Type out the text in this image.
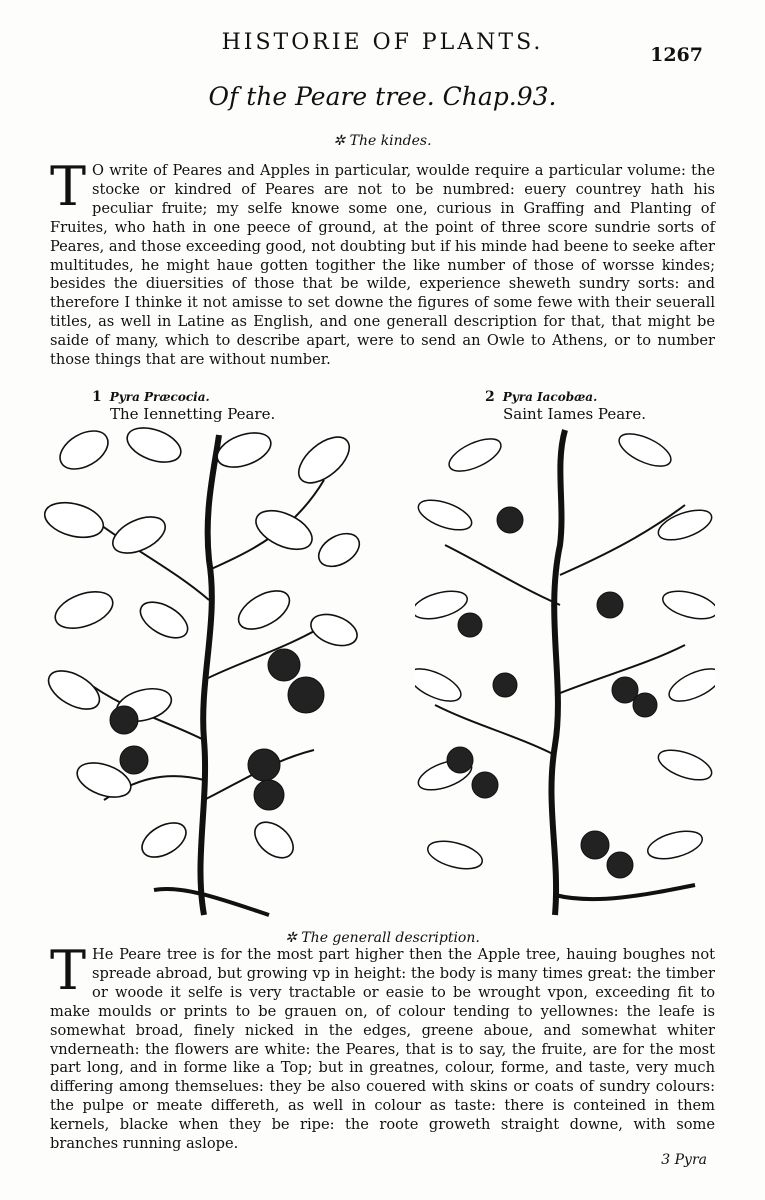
HISTORIE OF PLANTS.	1267
Of the Peare tree. Chap.93.
✲ The kindes.
T O write of Peares and Apples in particular, woulde require a particular volume: the stocke or kindred of Peares are not to be numbred: euery countrey hath his peculiar fruite; my selfe knowe some one, curious in Graffing and Planting of Fruites, who hath in one peece of ground, at the point of three score sundrie sorts of Peares, and those exceeding good, not doubting but if his minde had beene to seeke after multitudes, he might haue gotten togither the like number of those of worsse kindes; besides the diuersities of those that be wilde, experience sheweth sundry sorts: and therefore I thinke it not amisse to set downe the figures of some fewe with their seuerall titles, as well in Latine as English, and one generall description for that, that might be saide of many, which to describe apart, were to send an Owle to Athens, or to number those things that are without number.
1 Pyra Præcocia.
The Iennetting Peare.
2 Pyra Iacobæa.
Saint Iames Peare.
✲ The generall description.
T He Peare tree is for the most part higher then the Apple tree, hauing boughes not spreade abroad, but growing vp in height: the body is many times great: the timber or woode it selfe is very tractable or easie to be wrought vpon, exceeding fit to make moulds or prints to be grauen on, of colour tending to yellownes: the leafe is somewhat broad, finely nicked in the edges, greene aboue, and somewhat whiter vnderneath: the flowers are white: the Peares, that is to say, the fruite, are for the most part long, and in forme like a Top; but in greatnes, colour, forme, and taste, very much differing among themselues: they be also couered with skins or coats of sundry colours: the pulpe or meate differeth, as well in colour as taste: there is conteined in them kernels, blacke when they be ripe: the roote groweth straight downe, with some branches running aslope.
3 Pyra
